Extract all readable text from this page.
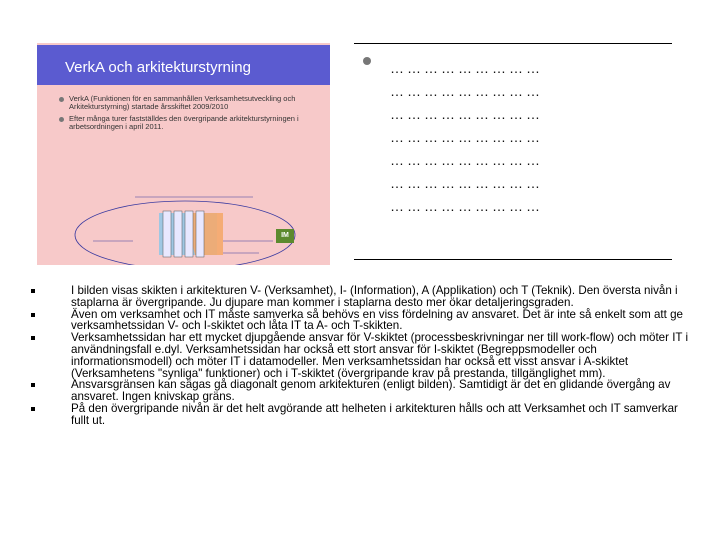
VerkA och arkitekturstyrning
VerkA (Funktionen för en sammanhållen Verksamhetsutveckling och Arkitekturstyrning) startade årsskiftet 2009/2010
Efter många turer fastställdes den övergripande arkitekturstyrningen i arbetsordningen i april 2011.
IM
………………………
………………………
………………………
………………………
………………………
………………………
………………………
I bilden visas skikten i arkitekturen V- (Verksamhet), I- (Information), A (Applikation) och T (Teknik). Den översta nivån i staplarna är övergripande. Ju djupare man kommer i staplarna desto mer ökar detaljeringsgraden.
Även om verksamhet och IT måste samverka så behövs en viss fördelning av ansvaret. Det är inte så enkelt som att ge verksamhetssidan V- och I-skiktet och låta IT ta A- och T-skikten.
Verksamhetssidan har ett mycket djupgående ansvar för V-skiktet (processbeskrivningar ner till work-flow) och möter IT i användningsfall e.dyl. Verksamhetssidan har också ett stort ansvar för I-skiktet (Begreppsmodeller och informationsmodell) och möter IT i datamodeller. Men verksamhetssidan har också ett visst ansvar i A-skiktet (Verksamhetens "synliga" funktioner) och i T-skiktet (övergripande krav på prestanda, tillgänglighet mm).
Ansvarsgränsen kan sägas gå diagonalt genom arkitekturen (enligt bilden). Samtidigt är det en glidande övergång av ansvaret. Ingen knivskap gräns.
På den övergripande nivån är det helt avgörande att helheten i arkitekturen hålls och att Verksamhet och IT samverkar fullt ut.
